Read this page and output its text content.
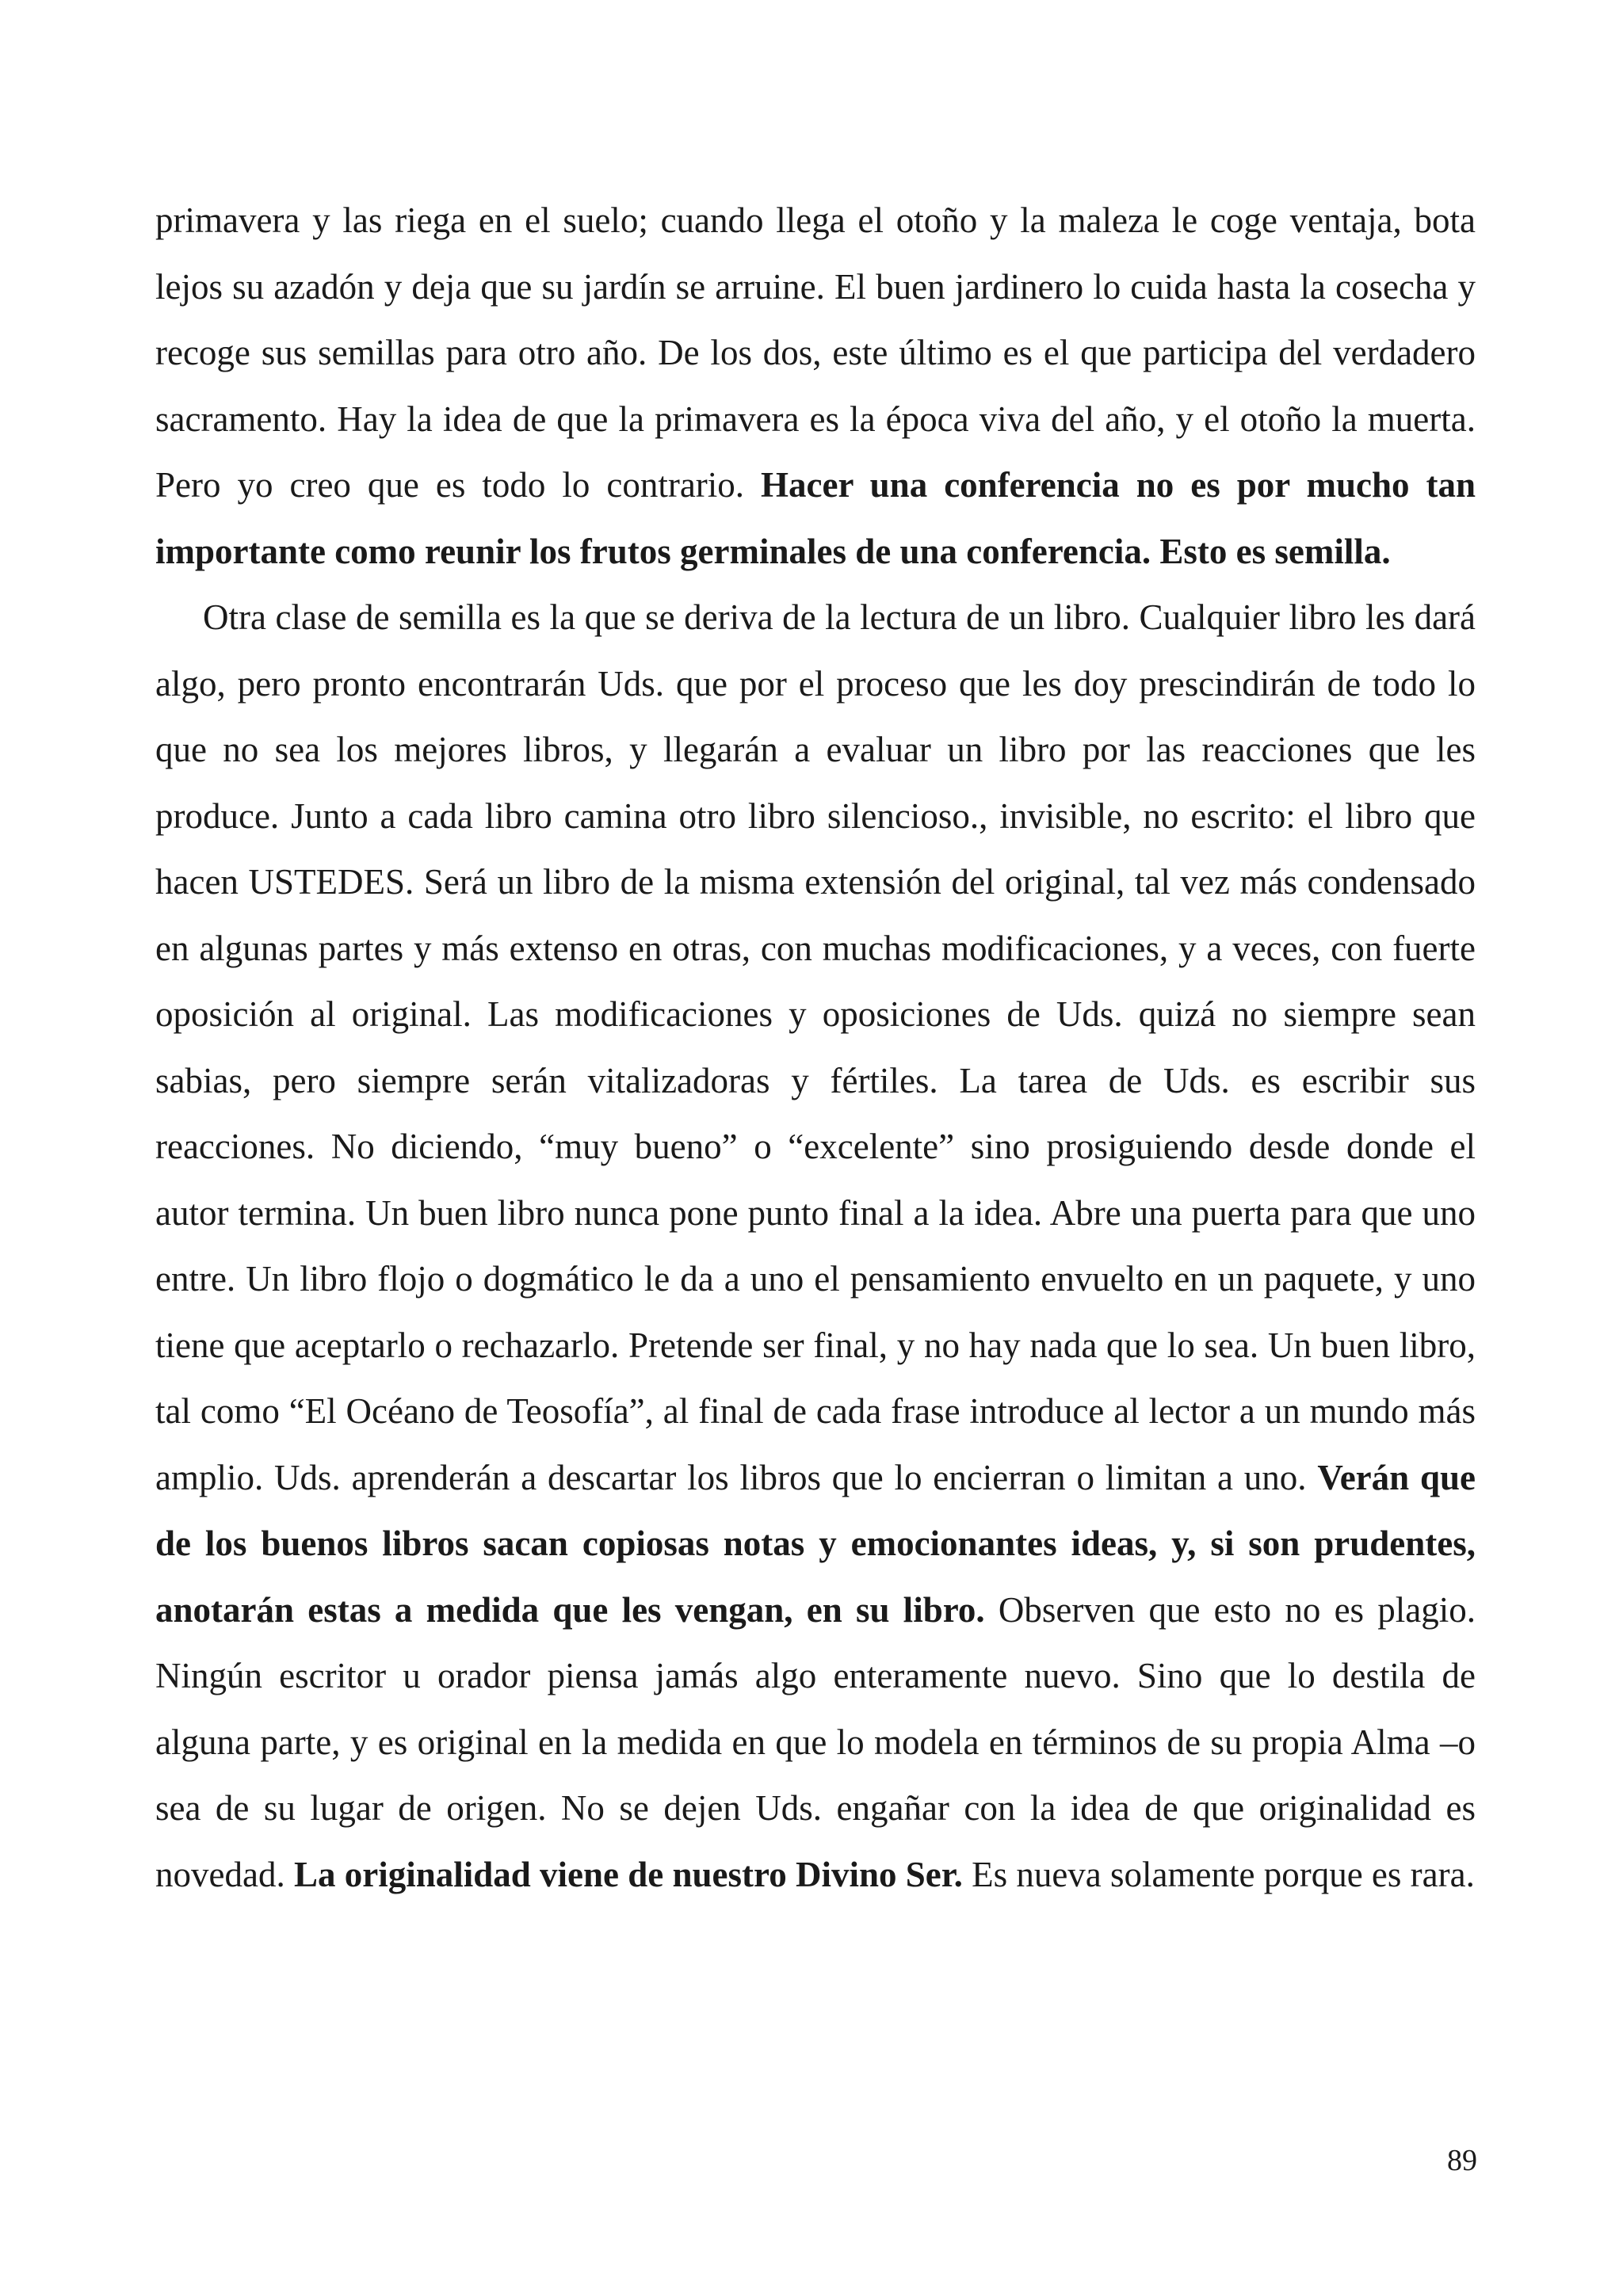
primavera y las riega en el suelo; cuando llega el otoño y la maleza le coge ventaja, bota lejos su azadón y deja que su jardín se arruine. El buen jardinero lo cuida hasta la cosecha y recoge sus semillas para otro año. De los dos, este último es el que participa del verdadero sacramento. Hay la idea de que la primavera es la época viva del año, y el otoño la muerta. Pero yo creo que es todo lo contrario. Hacer una conferencia no es por mucho tan importante como reunir los frutos germinales de una conferencia. Esto es semilla.

Otra clase de semilla es la que se deriva de la lectura de un libro. Cualquier libro les dará algo, pero pronto encontrarán Uds. que por el proceso que les doy prescindirán de todo lo que no sea los mejores libros, y llegarán a evaluar un libro por las reacciones que les produce. Junto a cada libro camina otro libro silencioso., invisible, no escrito: el libro que hacen USTEDES. Será un libro de la misma extensión del original, tal vez más condensado en algunas partes y más extenso en otras, con muchas modificaciones, y a veces, con fuerte oposición al original. Las modificaciones y oposiciones de Uds. quizá no siempre sean sabias, pero siempre serán vitalizadoras y fértiles. La tarea de Uds. es escribir sus reacciones. No diciendo, “muy bueno” o “excelente” sino prosiguiendo desde donde el autor termina. Un buen libro nunca pone punto final a la idea. Abre una puerta para que uno entre. Un libro flojo o dogmático le da a uno el pensamiento envuelto en un paquete, y uno tiene que aceptarlo o rechazarlo. Pretende ser final, y no hay nada que lo sea. Un buen libro, tal como “El Océano de Teosofía”, al final de cada frase introduce al lector a un mundo más amplio. Uds. aprenderán a descartar los libros que lo encierran o limitan a uno. Verán que de los buenos libros sacan copiosas notas y emocionantes ideas, y, si son prudentes, anotarán estas a medida que les vengan, en su libro. Observen que esto no es plagio. Ningún escritor u orador piensa jamás algo enteramente nuevo. Sino que lo destila de alguna parte, y es original en la medida en que lo modela en términos de su propia Alma –o sea de su lugar de origen. No se dejen Uds. engañar con la idea de que originalidad es novedad. La originalidad viene de nuestro Divino Ser. Es nueva solamente porque es rara.

89
